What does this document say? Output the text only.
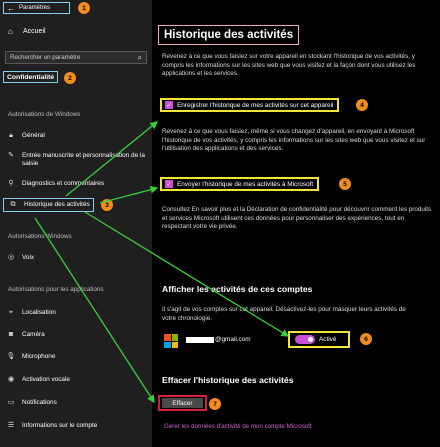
← Paramètres	1
⌂	Accueil
Rechercher un paramètre	⌕
Confidentialité	2
Autorisations de Windows
🔒︎	Général
✎	Entrée manuscrite et personnalisation de la saisie
⚲	Diagnostics et commentaires
⧉	Historique des activités	3
Autorisations Windows
◎	Voix
Autorisations pour les applications
⌖	Localisation
◙	Caméra
🎙︎ Microphone
◉	Activation vocale
▭	Notifications
☰	Informations sur le compte
Historique des activités
Revenez à ce que vous faisiez sur votre appareil en stockant l'historique de vos activités, y compris les informations sur les sites web que vous visitez et la façon dont vous utilisez les applications et les services.
✓ Enregistrer l'historique de mes activités sur cet appareil	4
Revenez à ce que vous faisiez, même si vous changez d'appareil, en envoyant à Microsoft l'historique de vos activités, y compris les informations sur les sites web que vous visitez et sur l'utilisation des applications et des services.
✓ Envoyer l'historique de mes activités à Microsoft	5
Consultez En savoir plus et la Déclaration de confidentialité pour découvrir comment les produits et services Microsoft utilisent ces données pour personnaliser des expériences, tout en respectant votre vie privée.
Afficher les activités de ces comptes
Il s'agit de vos comptes sur cet appareil. Désactivez-les pour masquer leurs activités de votre chronologie.
@gmail.com	Activé	6
Effacer l'historique des activités
Effacer	7
Gérer les données d'activité de mon compte Microsoft
